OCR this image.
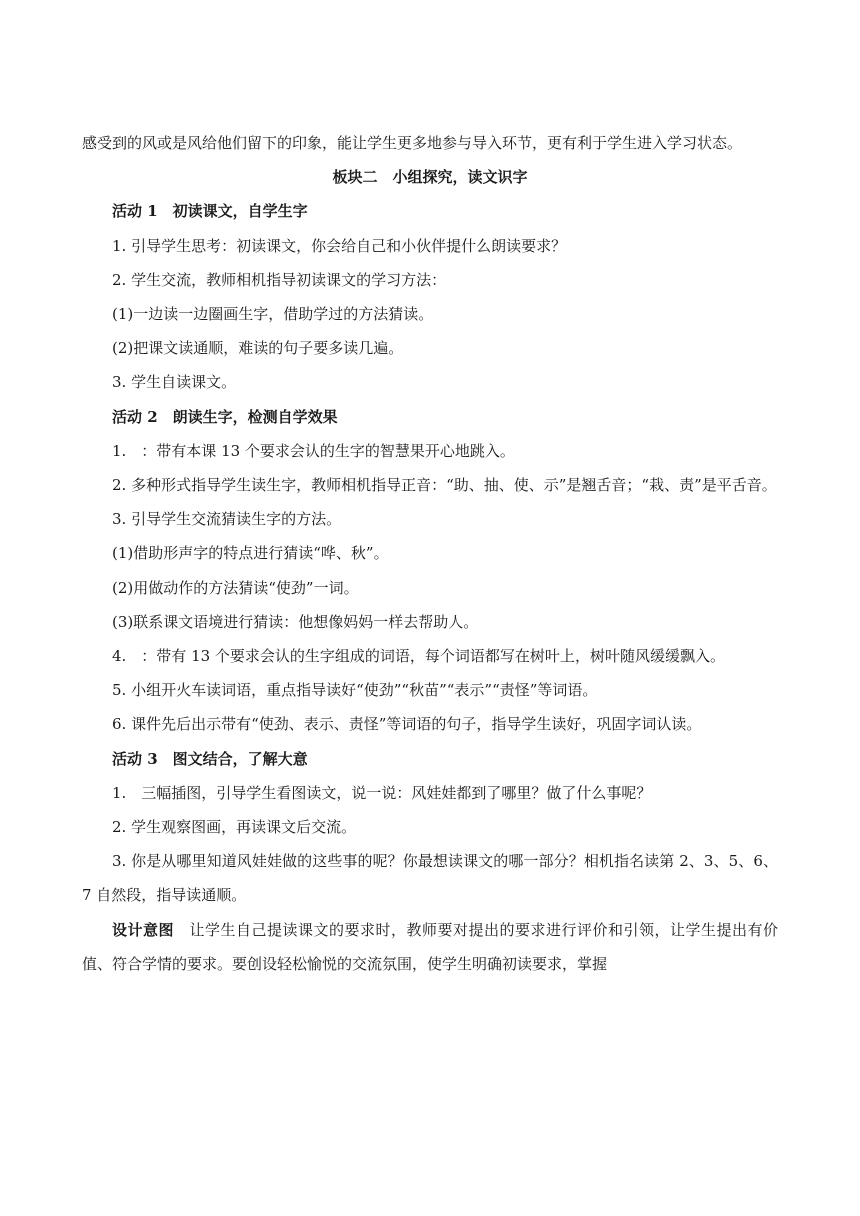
感受到的风或是风给他们留下的印象，能让学生更多地参与导入环节，更有利于学生进入学习状态。

板块二　小组探究，读文识字

活动 1　初读课文，自学生字

1. 引导学生思考：初读课文，你会给自己和小伙伴提什么朗读要求？

2. 学生交流，教师相机指导初读课文的学习方法：

(1)一边读一边圈画生字，借助学过的方法猜读。

(2)把课文读通顺，难读的句子要多读几遍。

3. 学生自读课文。

活动 2　朗读生字，检测自学效果

1.　：带有本课 13 个要求会认的生字的智慧果开心地跳入。

2. 多种形式指导学生读生字，教师相机指导正音：“助、抽、使、示”是翘舌音；“栽、责”是平舌音。

3. 引导学生交流猜读生字的方法。

(1)借助形声字的特点进行猜读“哗、秋”。

(2)用做动作的方法猜读“使劲”一词。

(3)联系课文语境进行猜读：他想像妈妈一样去帮助人。

4.　：带有 13 个要求会认的生字组成的词语，每个词语都写在树叶上，树叶随风缓缓飘入。

5. 小组开火车读词语，重点指导读好“使劲”“秋苗”“表示”“责怪”等词语。

6. 课件先后出示带有“使劲、表示、责怪”等词语的句子，指导学生读好，巩固字词认读。

活动 3　图文结合，了解大意

1.　三幅插图，引导学生看图读文，说一说：风娃娃都到了哪里？做了什么事呢？

2. 学生观察图画，再读课文后交流。

3. 你是从哪里知道风娃娃做的这些事的呢？你最想读课文的哪一部分？相机指名读第 2、3、5、6、7 自然段，指导读通顺。

设计意图　让学生自己提读课文的要求时，教师要对提出的要求进行评价和引领，让学生提出有价值、符合学情的要求。要创设轻松愉悦的交流氛围，使学生明确初读要求，掌握
